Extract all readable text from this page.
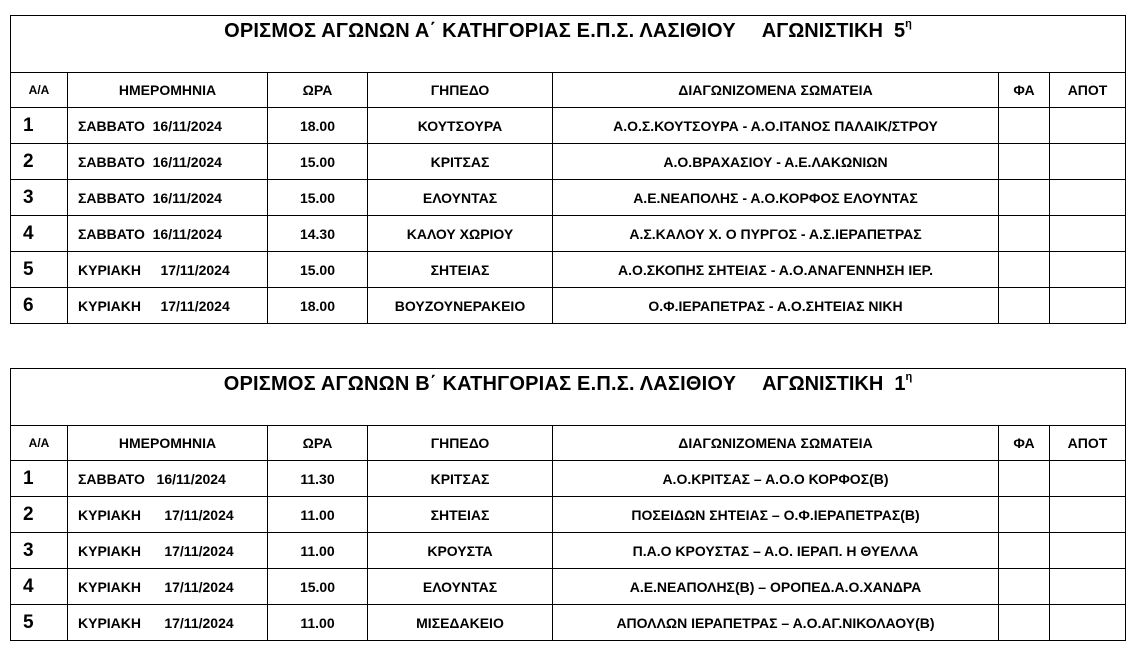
ΟΡΙΣΜΟΣ ΑΓΩΝΩΝ Α΄ ΚΑΤΗΓΟΡΙΑΣ Ε.Π.Σ. ΛΑΣΙΘΙΟΥ ΑΓΩΝΙΣΤΙΚΗ $5^\eta$
Α/Α	ΗΜΕΡΟΜΗΝΙΑ	ΩΡΑ	ΓΗΠΕΔΟ	ΔΙΑΓΩΝΙΖΟΜΕΝΑ ΣΩΜΑΤΕΙΑ	ΦΑ	ΑΠΟΤ
1	ΣΑΒΒΑΤΟ  16/11/2024	18.00	ΚΟΥΤΣΟΥΡΑ	Α.Ο.Σ.ΚΟΥΤΣΟΥΡΑ - Α.Ο.ΙΤΑΝΟΣ ΠΑΛΑΙΚ/ΣΤΡΟΥ		
2	ΣΑΒΒΑΤΟ  16/11/2024	15.00	ΚΡΙΤΣΑΣ	Α.Ο.ΒΡΑΧΑΣΙΟΥ - Α.Ε.ΛΑΚΩΝΙΩΝ		
3	ΣΑΒΒΑΤΟ  16/11/2024	15.00	ΕΛΟΥΝΤΑΣ	Α.Ε.ΝΕΑΠΟΛΗΣ - Α.Ο.ΚΟΡΦΟΣ ΕΛΟΥΝΤΑΣ		
4	ΣΑΒΒΑΤΟ  16/11/2024	14.30	ΚΑΛΟΥ ΧΩΡΙΟΥ	Α.Σ.ΚΑΛΟΥ Χ. Ο ΠΥΡΓΟΣ - Α.Σ.ΙΕΡΑΠΕΤΡΑΣ		
5	ΚΥΡΙΑΚΗ     17/11/2024	15.00	ΣΗΤΕΙΑΣ	Α.Ο.ΣΚΟΠΗΣ ΣΗΤΕΙΑΣ - Α.Ο.ΑΝΑΓΕΝΝΗΣΗ ΙΕΡ.		
6	ΚΥΡΙΑΚΗ     17/11/2024	18.00	ΒΟΥΖΟΥΝΕΡΑΚΕΙΟ	Ο.Φ.ΙΕΡΑΠΕΤΡΑΣ - Α.Ο.ΣΗΤΕΙΑΣ ΝΙΚΗ		
ΟΡΙΣΜΟΣ ΑΓΩΝΩΝ Β΄ ΚΑΤΗΓΟΡΙΑΣ Ε.Π.Σ. ΛΑΣΙΘΙΟΥ ΑΓΩΝΙΣΤΙΚΗ $1^\eta$
Α/Α	ΗΜΕΡΟΜΗΝΙΑ	ΩΡΑ	ΓΗΠΕΔΟ	ΔΙΑΓΩΝΙΖΟΜΕΝΑ ΣΩΜΑΤΕΙΑ	ΦΑ	ΑΠΟΤ
1	ΣΑΒΒΑΤΟ   16/11/2024	11.30	ΚΡΙΤΣΑΣ	Α.Ο.ΚΡΙΤΣΑΣ – Α.Ο.Ο ΚΟΡΦΟΣ(Β)		
2	ΚΥΡΙΑΚΗ      17/11/2024	11.00	ΣΗΤΕΙΑΣ	ΠΟΣΕΙΔΩΝ ΣΗΤΕΙΑΣ – Ο.Φ.ΙΕΡΑΠΕΤΡΑΣ(Β)		
3	ΚΥΡΙΑΚΗ      17/11/2024	11.00	ΚΡΟΥΣΤΑ	Π.Α.Ο ΚΡΟΥΣΤΑΣ – Α.Ο. ΙΕΡΑΠ. Η ΘΥΕΛΛΑ		
4	ΚΥΡΙΑΚΗ      17/11/2024	15.00	ΕΛΟΥΝΤΑΣ	Α.Ε.ΝΕΑΠΟΛΗΣ(Β) – ΟΡΟΠΕΔ.Α.Ο.ΧΑΝΔΡΑ		
5	ΚΥΡΙΑΚΗ      17/11/2024	11.00	ΜΙΣΕΔΑΚΕΙΟ	ΑΠΟΛΛΩΝ ΙΕΡΑΠΕΤΡΑΣ – Α.Ο.ΑΓ.ΝΙΚΟΛΑΟΥ(Β)		
